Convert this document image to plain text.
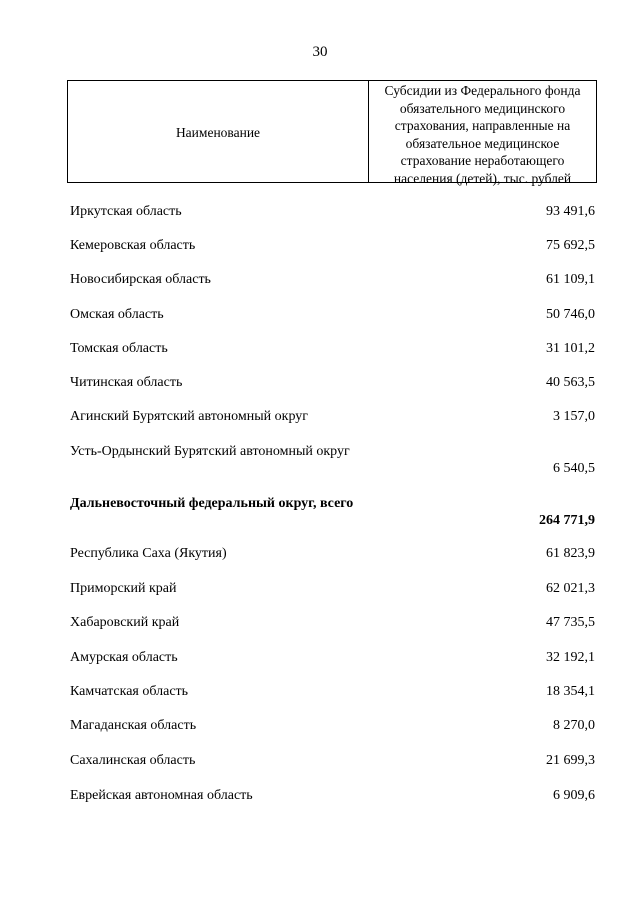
30
Наименование
Субсидии из Федерального фонда
обязательного медицинского
страхования, направленные на
обязательное медицинское
страхование неработающего
населения (детей), тыс. рублей
Иркутская область	93 491,6
Кемеровская область	75 692,5
Новосибирская область	61 109,1
Омская область	50 746,0
Томская область	31 101,2
Читинская область	40 563,5
Агинский Бурятский автономный округ	3 157,0
Усть-Ордынский Бурятский автономный округ
6 540,5
Дальневосточный федеральный округ, всего
264 771,9
Республика Саха (Якутия)	61 823,9
Приморский край	62 021,3
Хабаровский край	47 735,5
Амурская область	32 192,1
Камчатская область	18 354,1
Магаданская область	8 270,0
Сахалинская область	21 699,3
Еврейская автономная область	6 909,6
